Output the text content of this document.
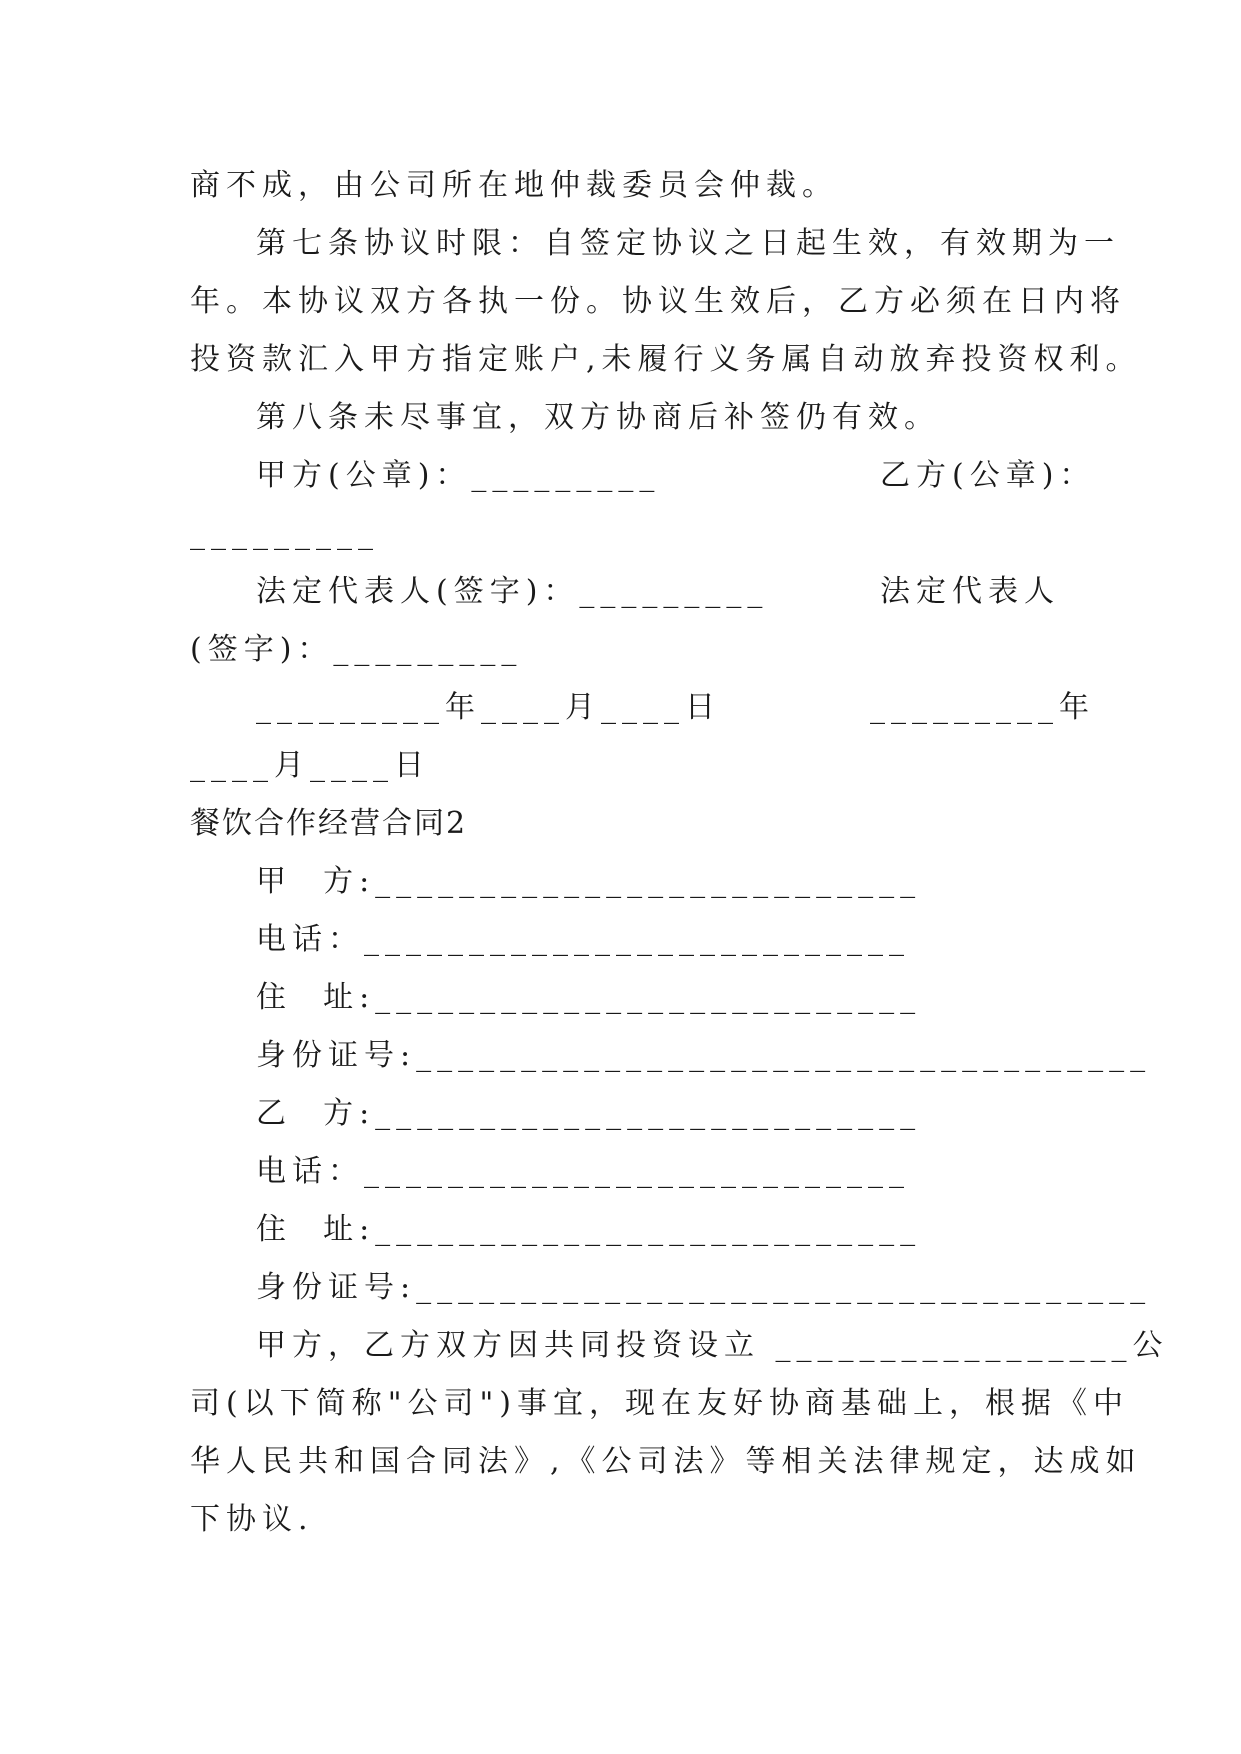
商不成，由公司所在地仲裁委员会仲裁。
第七条协议时限：自签定协议之日起生效，有效期为一
年。本协议双方各执一份。协议生效后，乙方必须在日内将
投资款汇入甲方指定账户,未履行义务属自动放弃投资权利。
第八条未尽事宜，双方协商后补签仍有效。
甲方(公章)：_________	乙方(公章)：
_________
法定代表人(签字)：_________	法定代表人
(签字)：_________
_________年____月____日	_________年
____月____日
餐饮合作经营合同2
甲  方:__________________________
电话：__________________________
住  址:__________________________
身份证号:___________________________________
乙  方:__________________________
电话：__________________________
住  址:__________________________
身份证号:___________________________________
甲方，乙方双方因共同投资设立 _________________公
司(以下简称"公司")事宜，现在友好协商基础上，根据《中
华人民共和国合同法》,《公司法》等相关法律规定，达成如
下协议.
